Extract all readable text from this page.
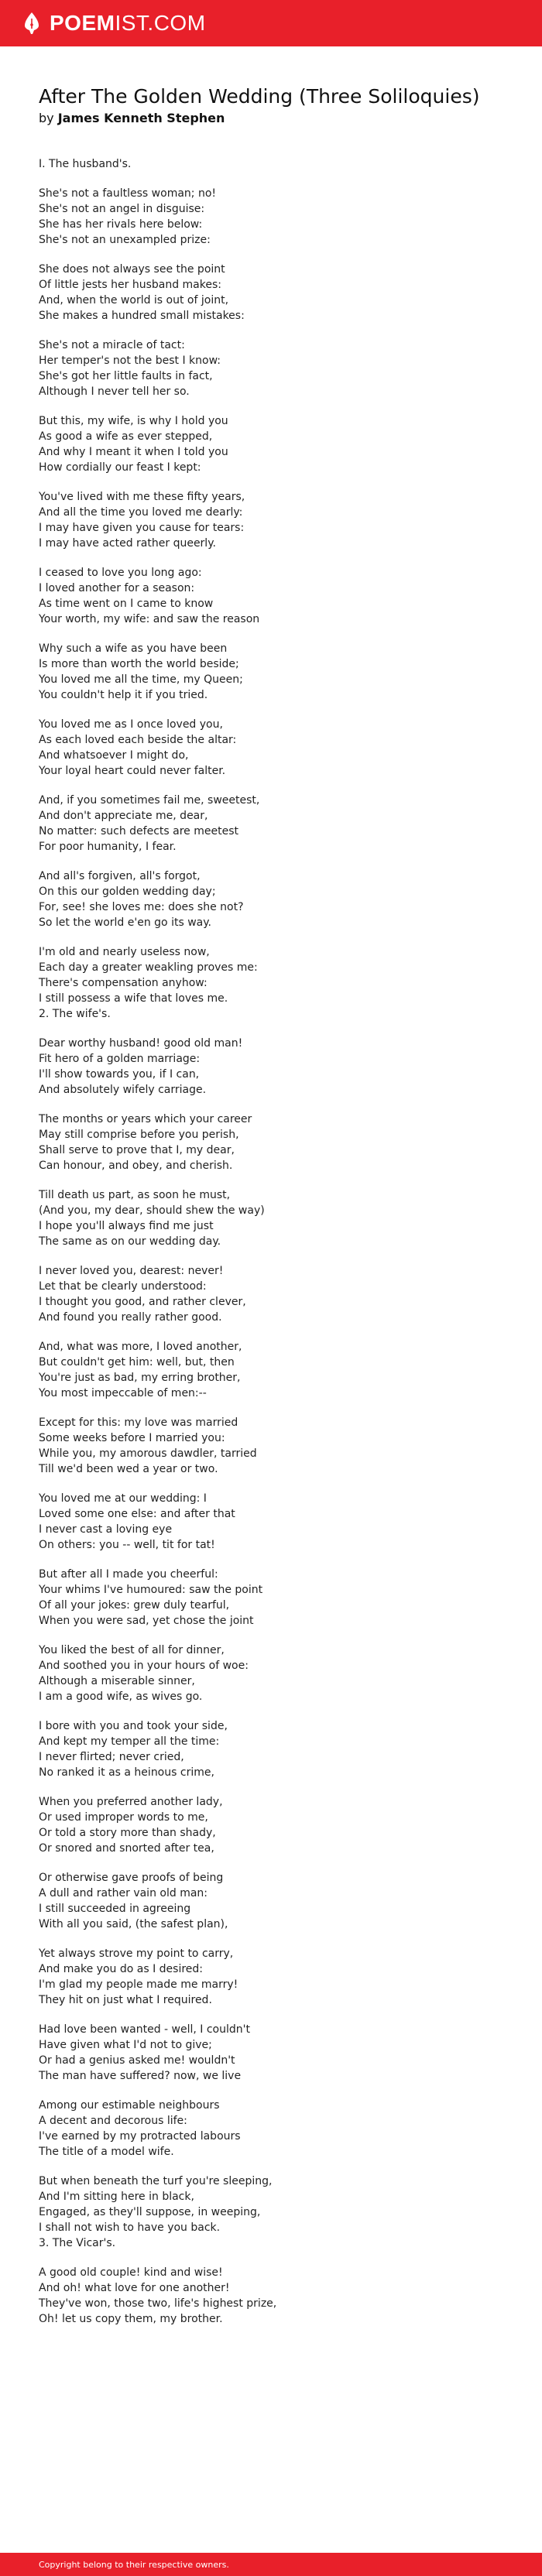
POEMIST.COM
After The Golden Wedding (Three Soliloquies)
by James Kenneth Stephen
I. The husband's.
She's not a faultless woman; no!
She's not an angel in disguise:
She has her rivals here below:
She's not an unexampled prize:
She does not always see the point
Of little jests her husband makes:
And, when the world is out of joint,
She makes a hundred small mistakes:
She's not a miracle of tact:
Her temper's not the best I know:
She's got her little faults in fact,
Although I never tell her so.
But this, my wife, is why I hold you
As good a wife as ever stepped,
And why I meant it when I told you
How cordially our feast I kept:
You've lived with me these fifty years,
And all the time you loved me dearly:
I may have given you cause for tears:
I may have acted rather queerly.
I ceased to love you long ago:
I loved another for a season:
As time went on I came to know
Your worth, my wife: and saw the reason
Why such a wife as you have been
Is more than worth the world beside;
You loved me all the time, my Queen;
You couldn't help it if you tried.
You loved me as I once loved you,
As each loved each beside the altar:
And whatsoever I might do,
Your loyal heart could never falter.
And, if you sometimes fail me, sweetest,
And don't appreciate me, dear,
No matter: such defects are meetest
For poor humanity, I fear.
And all's forgiven, all's forgot,
On this our golden wedding day;
For, see! she loves me: does she not?
So let the world e'en go its way.
I'm old and nearly useless now,
Each day a greater weakling proves me:
There's compensation anyhow:
I still possess a wife that loves me.
2. The wife's.
Dear worthy husband! good old man!
Fit hero of a golden marriage:
I'll show towards you, if I can,
And absolutely wifely carriage.
The months or years which your career
May still comprise before you perish,
Shall serve to prove that I, my dear,
Can honour, and obey, and cherish.
Till death us part, as soon he must,
(And you, my dear, should shew the way)
I hope you'll always find me just
The same as on our wedding day.
I never loved you, dearest: never!
Let that be clearly understood:
I thought you good, and rather clever,
And found you really rather good.
And, what was more, I loved another,
But couldn't get him: well, but, then
You're just as bad, my erring brother,
You most impeccable of men:--
Except for this: my love was married
Some weeks before I married you:
While you, my amorous dawdler, tarried
Till we'd been wed a year or two.
You loved me at our wedding: I
Loved some one else: and after that
I never cast a loving eye
On others: you -- well, tit for tat!
But after all I made you cheerful:
Your whims I've humoured: saw the point
Of all your jokes: grew duly tearful,
When you were sad, yet chose the joint
You liked the best of all for dinner,
And soothed you in your hours of woe:
Although a miserable sinner,
I am a good wife, as wives go.
I bore with you and took your side,
And kept my temper all the time:
I never flirted; never cried,
No ranked it as a heinous crime,
When you preferred another lady,
Or used improper words to me,
Or told a story more than shady,
Or snored and snorted after tea,
Or otherwise gave proofs of being
A dull and rather vain old man:
I still succeeded in agreeing
With all you said, (the safest plan),
Yet always strove my point to carry,
And make you do as I desired:
I'm glad my people made me marry!
They hit on just what I required.
Had love been wanted - well, I couldn't
Have given what I'd not to give;
Or had a genius asked me! wouldn't
The man have suffered? now, we live
Among our estimable neighbours
A decent and decorous life:
I've earned by my protracted labours
The title of a model wife.
But when beneath the turf you're sleeping,
And I'm sitting here in black,
Engaged, as they'll suppose, in weeping,
I shall not wish to have you back.
3. The Vicar's.
A good old couple! kind and wise!
And oh! what love for one another!
They've won, those two, life's highest prize,
Oh! let us copy them, my brother.
Copyright belong to their respective owners.
